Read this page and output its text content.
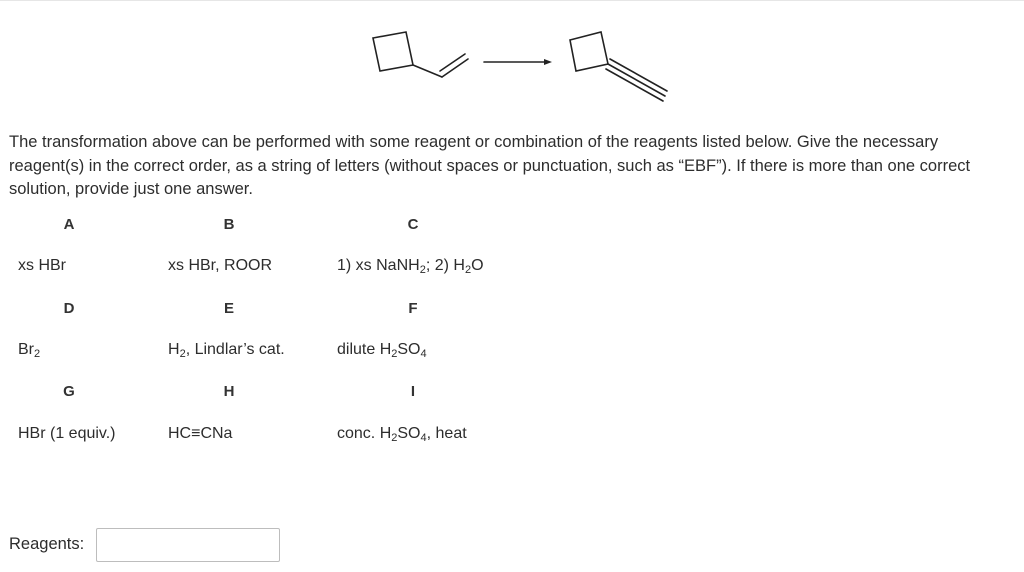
The transformation above can be performed with some reagent or combination of the reagents listed below. Give the necessary reagent(s) in the correct order, as a string of letters (without spaces or punctuation, such as “EBF”). If there is more than one correct solution, provide just one answer.

A
xs HBr
B
xs HBr, ROOR
C
1) xs NaNH$_2$; 2) $H_2O$
D
$Br_2$
E
$H_2$, Lindlar’s cat.
F
dilute $H_2SO_4$
G
HBr (1 equiv.)
H
HC≡CNa
I
conc. $H_2SO_4$, heat
Reagents:
